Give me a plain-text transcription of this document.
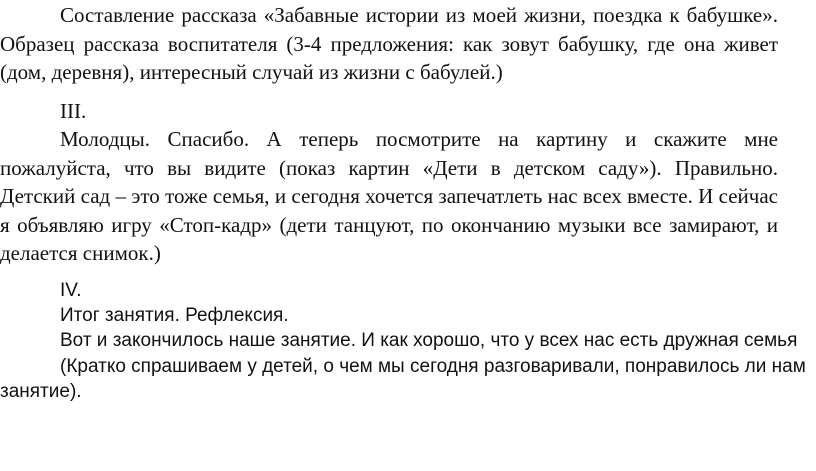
Составление рассказа «Забавные истории из моей жизни, поездка к бабушке». Образец рассказа воспитателя (3-4 предложения: как зовут бабушку, где она живет (дом, деревня), интересный случай из жизни с бабулей.)

III.

Молодцы. Спасибо. А теперь посмотрите на картину и скажите мне пожалуйста, что вы видите (показ картин «Дети в детском саду»). Правильно. Детский сад – это тоже семья, и сегодня хочется запечатлеть нас всех вместе. И сейчас я объявляю игру «Стоп-кадр» (дети танцуют, по окончанию музыки все замирают, и делается снимок.)

IV.

Итог занятия. Рефлексия.

Вот и закончилось наше занятие. И как хорошо, что у всех нас есть дружная семья

(Кратко спрашиваем у детей, о чем мы сегодня разговаривали, понравилось ли нам

занятие).
